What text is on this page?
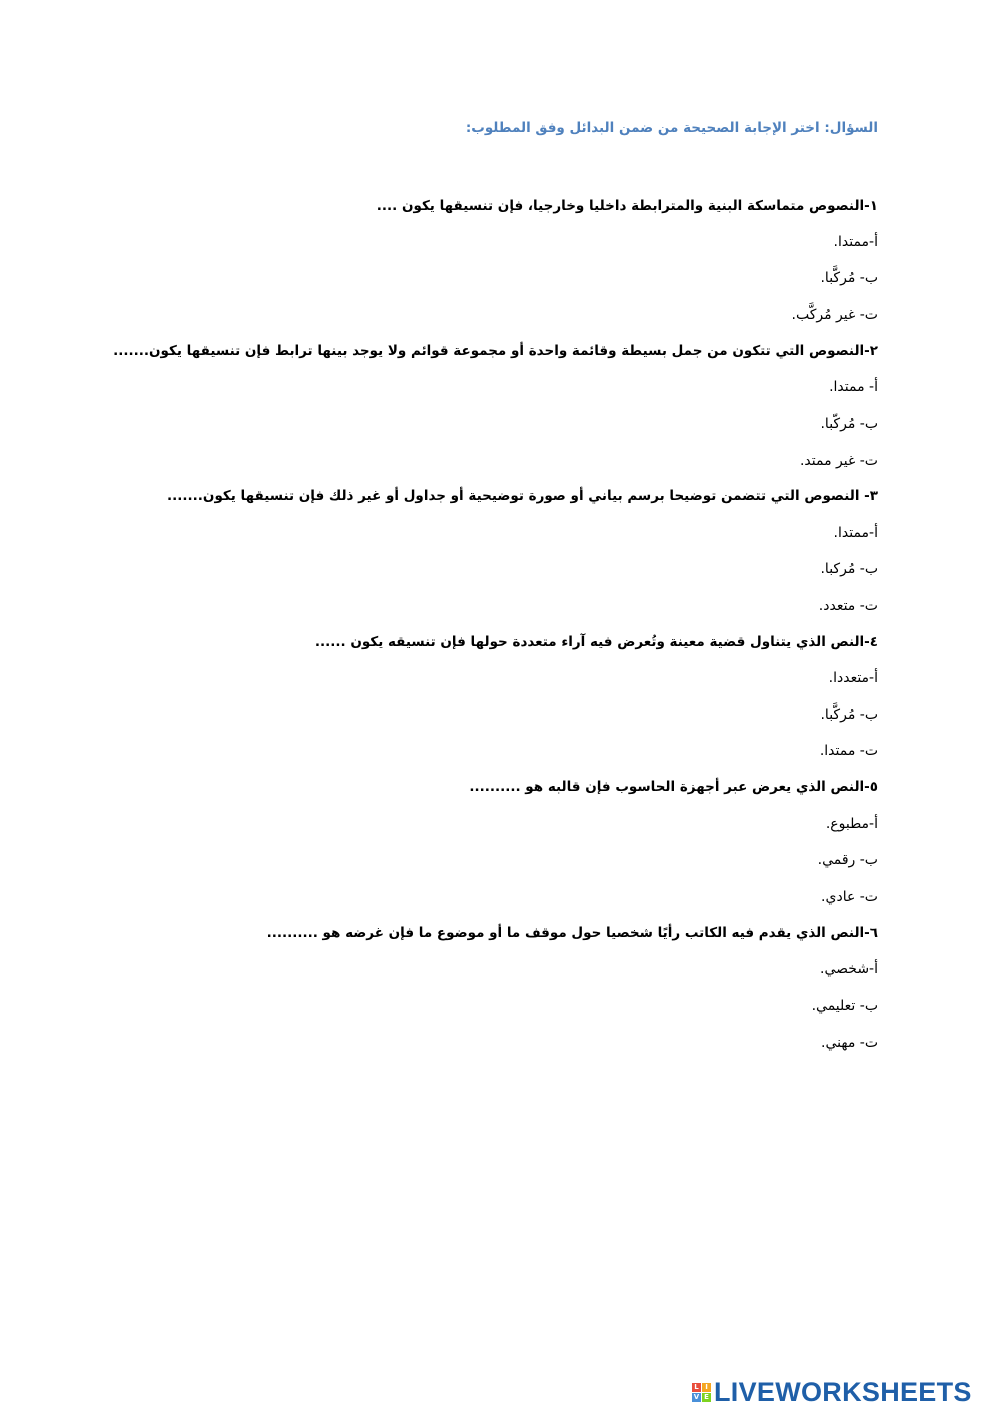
السؤال: اختر الإجابة الصحيحة من ضمن البدائل وفق المطلوب:
١-النصوص متماسكة البنية والمترابطة داخليا وخارجيا، فإن تنسيقها يكون ....
أ-ممتدا.
ب- مُركَّبا.
ت- غير مُركَّب.
٢-النصوص التي تتكون من جمل بسيطة وقائمة واحدة أو مجموعة قوائم ولا يوجد بينها ترابط فإن تنسيقها يكون.......
أ- ممتدا.
ب- مُركّبا.
ت- غير ممتد.
٣- النصوص التي تتضمن توضيحا برسم بياني أو صورة توضيحية أو جداول أو غير ذلك فإن تنسيقها يكون.......
أ-ممتدا.
ب- مُركبا.
ت- متعدد.
٤-النص الذي يتناول قضية معينة وتُعرض فيه آراء متعددة حولها فإن تنسيقه يكون ......
أ-متعددا.
ب- مُركَّبا.
ت- ممتدا.
٥-النص الذي يعرض عبر أجهزة الحاسوب فإن قالبه هو ..........
أ-مطبوع.
ب- رقمي.
ت- عادي.
٦-النص الذي يقدم فيه الكاتب رأيًا شخصيا حول موقف ما أو موضوع ما فإن غرضه هو ..........
أ-شخصي.
ب- تعليمي.
ت- مهني.
L I
V E LIVEWORKSHEETS
